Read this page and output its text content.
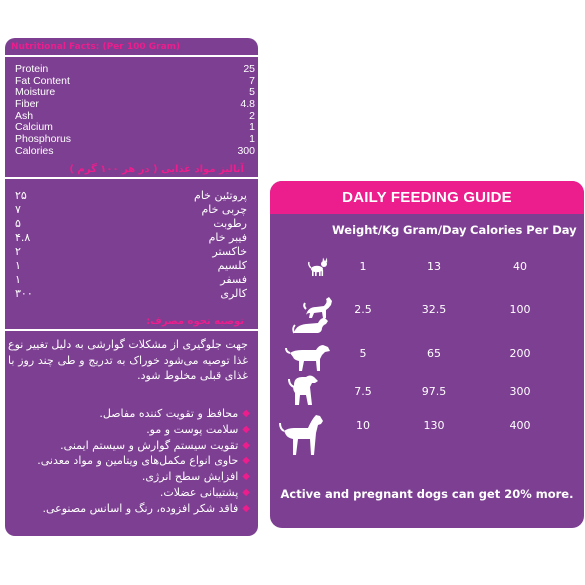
Nutritional Facts: (Per 100 Gram)
Protein	25
Fat Content	7
Moisture	5
Fiber	4.8
Ash	2
Calcium	1
Phosphorus	1
Calories	300
آنالیز مواد غذایی ( در هر ۱۰۰ گرم )
۲۵	پروتئین خام
۷	چربی خام
۵	رطوبت
۴.۸	فیبر خام
۲	خاکستر
۱	کلسیم
۱	فسفر
۳۰۰	کالری
توصیه نحوه مصرف:
جهت جلوگیری از مشکلات گوارشی به دلیل تغییر نوع غذا توصیه می‌شود خوراک به تدریج و طی چند روز با غذای قبلی مخلوط شود.
◆
محافظ و تقویت کننده مفاصل.
◆
سلامت پوست و مو.
◆
تقویت سیستم گوارش و سیستم ایمنی.
◆
حاوی انواع مکمل‌های ویتامین و مواد معدنی.
◆
افزایش سطح انرژی.
◆
پشتیبانی عضلات.
◆
فاقد شکر افزوده، رنگ و اسانس مصنوعی.
DAILY FEEDING GUIDE
Weight/Kg Gram/Day Calories Per Day
1	13	40
2.5	32.5	100
5	65	200
7.5	97.5	300
10	130	400
Active and pregnant dogs can get 20% more.
